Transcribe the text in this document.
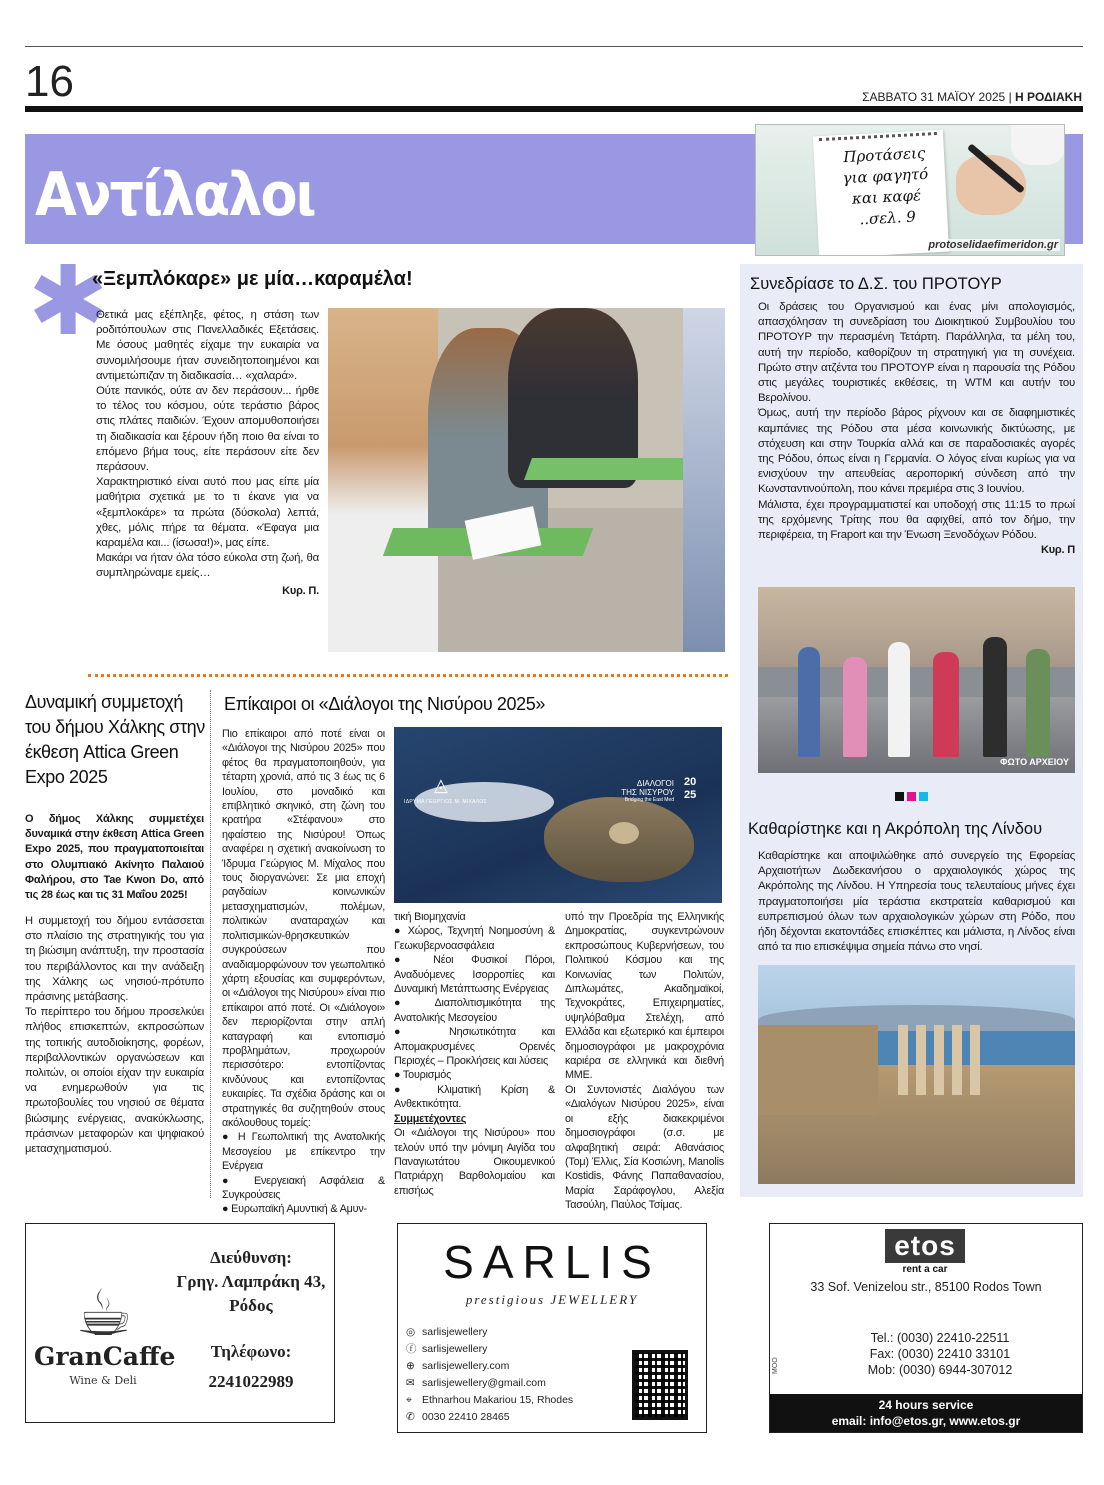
16	ΣΑΒΒΑΤΟ 31 ΜΑΪΟΥ 2025 | Η ΡΟΔΙΑΚΗ
Αντίλαλοι
Προτάσεις
για φαγητό
και καφέ
..σελ. 9
protoselidaefimeridon.gr
✱
«Ξεμπλόκαρε» με μία…καραμέλα!

Θετικά μας εξέπληξε, φέτος, η στάση των ροδιτόπουλων στις Πανελλαδικές Εξετάσεις. Με όσους μαθητές είχαμε την ευκαιρία να συνομιλήσουμε ήταν συνειδητοποιημένοι και αντιμετώπιζαν τη διαδικασία… «χαλαρά».

Ούτε πανικός, ούτε αν δεν περάσουν... ήρθε το τέλος του κόσμου, ούτε τεράστιο βάρος στις πλάτες παιδιών. Έχουν απομυθοποιήσει τη διαδικασία και ξέρουν ήδη ποιο θα είναι το επόμενο βήμα τους, είτε περάσουν είτε δεν περάσουν.

Χαρακτηριστικό είναι αυτό που μας είπε μία μαθήτρια σχετικά με το τι έκανε για να «ξεμπλοκάρε» τα πρώτα (δύσκολα) λεπτά, χθες, μόλις πήρε τα θέματα. «Έφαγα μια καραμέλα και... (ίσωσα!)», μας είπε.

Μακάρι να ήταν όλα τόσο εύκολα στη ζωή, θα συμπληρώναμε εμείς…

Κυρ. Π.
Συνεδρίασε το Δ.Σ. του ΠΡΟΤΟΥΡ

Οι δράσεις του Οργανισμού και ένας μίνι απολογισμός, απασχόλησαν τη συνεδρίαση του Διοικητικού Συμβουλίου του ΠΡΟΤΟΥΡ την περασμένη Τετάρτη. Παράλληλα, τα μέλη του, αυτή την περίοδο, καθορίζουν τη στρατηγική για τη συνέχεια. Πρώτο στην ατζέντα του ΠΡΟΤΟΥΡ είναι η παρουσία της Ρόδου στις μεγάλες τουριστικές εκθέσεις, τη WTM και αυτήν του Βερολίνου.

Όμως, αυτή την περίοδο βάρος ρίχνουν και σε διαφημιστικές καμπάνιες της Ρόδου στα μέσα κοινωνικής δικτύωσης, με στόχευση και στην Τουρκία αλλά και σε παραδοσιακές αγορές της Ρόδου, όπως είναι η Γερμανία. Ο λόγος είναι κυρίως για να ενισχύουν την απευθείας αεροπορική σύνδεση από την Κωνσταντινούπολη, που κάνει πρεμιέρα στις 3 Ιουνίου.

Μάλιστα, έχει προγραμματιστεί και υποδοχή στις 11:15 το πρωί της ερχόμενης Τρίτης που θα αφιχθεί, από τον δήμο, την περιφέρεια, τη Fraport και την Ένωση Ξενοδόχων Ρόδου.

Κυρ. Π
ΦΩΤΟ ΑΡΧΕΙΟΥ
Καθαρίστηκε και η Ακρόπολη της Λίνδου
Καθαρίστηκε και αποψιλώθηκε από συνεργείο της Εφορείας Αρχαιοτήτων Δωδεκανήσου ο αρχαιολογικός χώρος της Ακρόπολης της Λίνδου. Η Υπηρεσία τους τελευταίους μήνες έχει πραγματοποιήσει μία τεράστια εκστρατεία καθαρισμού και ευπρεπισμού όλων των αρχαιολογικών χώρων στη Ρόδο, που ήδη δέχονται εκατοντάδες επισκέπτες και μάλιστα, η Λίνδος είναι από τα πιο επισκέψιμα σημεία πάνω στο νησί.
Δυναμική συμμετοχή του δήμου Χάλκης στην έκθεση Attica Green Expo 2025
Ο δήμος Χάλκης συμμετέχει δυναμικά στην έκθεση Attica Green Expo 2025, που πραγματοποιείται στο Ολυμπιακό Ακίνητο Παλαιού Φαλήρου, στο Tae Kwon Do, από τις 28 έως και τις 31 Μαΐου 2025!

Η συμμετοχή του δήμου εντάσσεται στο πλαίσιο της στρατηγικής του για τη βιώσιμη ανάπτυξη, την προστασία του περιβάλλοντος και την ανάδειξη της Χάλκης ως νησιού-πρότυπο πράσινης μετάβασης.

Το περίπτερο του δήμου προσελκύει πλήθος επισκεπτών, εκπροσώπων της τοπικής αυτοδιοίκησης, φορέων, περιβαλλοντικών οργανώσεων και πολιτών, οι οποίοι είχαν την ευκαιρία να ενημερωθούν για τις πρωτοβουλίες του νησιού σε θέματα βιώσιμης ενέργειας, ανακύκλωσης, πράσινων μεταφορών και ψηφιακού μετασχηματισμού.

Επίκαιροι οι «Διάλογοι της Νισύρου 2025»

Πιο επίκαιροι από ποτέ είναι οι «Διάλογοι της Νισύρου 2025» που φέτος θα πραγματοποιηθούν, για τέταρτη χρονιά, από τις 3 έως τις 6 Ιουλίου, στο μοναδικό και επιβλητικό σκηνικό, στη ζώνη του κρατήρα «Στέφανου» στο ηφαίστειο της Νισύρου! Όπως αναφέρει η σχετική ανακοίνωση το Ίδρυμα Γεώργιος Μ. Μίχαλος που τους διοργανώνει: Σε μια εποχή ραγδαίων κοινωνικών μετασχηματισμών, πολέμων, πολιτικών αναταραχών και πολιτισμικών-θρησκευτικών συγκρούσεων που αναδιαμορφώνουν τον γεωπολιτικό χάρτη εξουσίας και συμφερόντων, οι «Διάλογοι της Νισύρου» είναι πιο επίκαιροι από ποτέ. Οι «Διάλογοι» δεν περιορίζονται στην απλή καταγραφή και εντοπισμό προβλημάτων, προχωρούν περισσότερο: εντοπίζοντας κινδύνους και εντοπίζοντας ευκαιρίες. Τα σχέδια δράσης και οι στρατηγικές θα συζητηθούν στους ακόλουθους τομείς:

● Η Γεωπολιτική της Ανατολικής Μεσογείου με επίκεντρο την Ενέργεια

● Ενεργειακή Ασφάλεια & Συγκρούσεις

● Ευρωπαϊκή Αμυντική & Αμυν-

◬
ΙΔΡΥΜΑ ΓΕΩΡΓΙΟΣ Μ. ΜΙΧΑΛΟΣ
ΔΙΑΛΟΓΟΙ
ΤΗΣ ΝΙΣΥΡΟΥ
Bridging the East Med
20
25

τική Βιομηχανία

● Χώρος, Τεχνητή Νοημοσύνη & Γεωκυβερνοασφάλεια

● Νέοι Φυσικοί Πόροι, Αναδυόμενες Ισορροπίες και Δυναμική Μετάπτωσης Ενέργειας

● Διαπολιτισμικότητα της Ανατολικής Μεσογείου

● Νησιωτικότητα και Απομακρυσμένες Ορεινές Περιοχές – Προκλήσεις και λύσεις

● Τουρισμός

● Κλιματική Κρίση & Ανθεκτικότητα.

Συμμετέχοντες

Οι «Διάλογοι της Νισύρου» που τελούν υπό την μόνιμη Αιγίδα του Παναγιωτάτου Οικουμενικού Πατριάρχη Βαρθολομαίου και επισήως

υπό την Προεδρία της Ελληνικής Δημοκρατίας, συγκεντρώνουν εκπροσώπους Κυβερνήσεων, του Πολιτικού Κόσμου και της Κοινωνίας των Πολιτών, Διπλωμάτες, Ακαδημαϊκοί, Τεχνοκράτες, Επιχειρηματίες, υψηλόβαθμα Στελέχη, από Ελλάδα και εξωτερικό και έμπειροι δημοσιογράφοι με μακροχρόνια καριέρα σε ελληνικά και διεθνή ΜΜΕ.

Οι Συντονιστές Διαλόγου των «Διαλόγων Νισύρου 2025», είναι οι εξής διακεκριμένοι δημοσιογράφοι (σ.σ. με αλφαβητική σειρά: Αθανάσιος (Τομ) Έλλις, Σία Κοσιώνη, Manolis Kostidis, Φάνης Παπαθανασίου, Μαρία Σαράφογλου, Αλεξία Τασούλη, Παύλος Τσίμας.

☕
GranCaffe
Wine & Deli
Διεύθυνση:
Γρηγ. Λαμπράκη 43,
Ρόδος
Τηλέφωνο:
2241022989
SARLIS
prestigious JEWELLERY
◎ sarlisjewellery
ⓕ sarlisjewellery
⊕ sarlisjewellery.com
✉ sarlisjewellery@gmail.com
⌖ Ethnarhou Makariou 15, Rhodes
✆ 0030 22410 28465
etos
rent a car
33 Sof. Venizelou str., 85100 Rodos Town
Tel.: (0030) 22410-22511
Fax: (0030) 22410 33101
Mob: (0030) 6944-307012
MOO
24 hours service
email: info@etos.gr, www.etos.gr
